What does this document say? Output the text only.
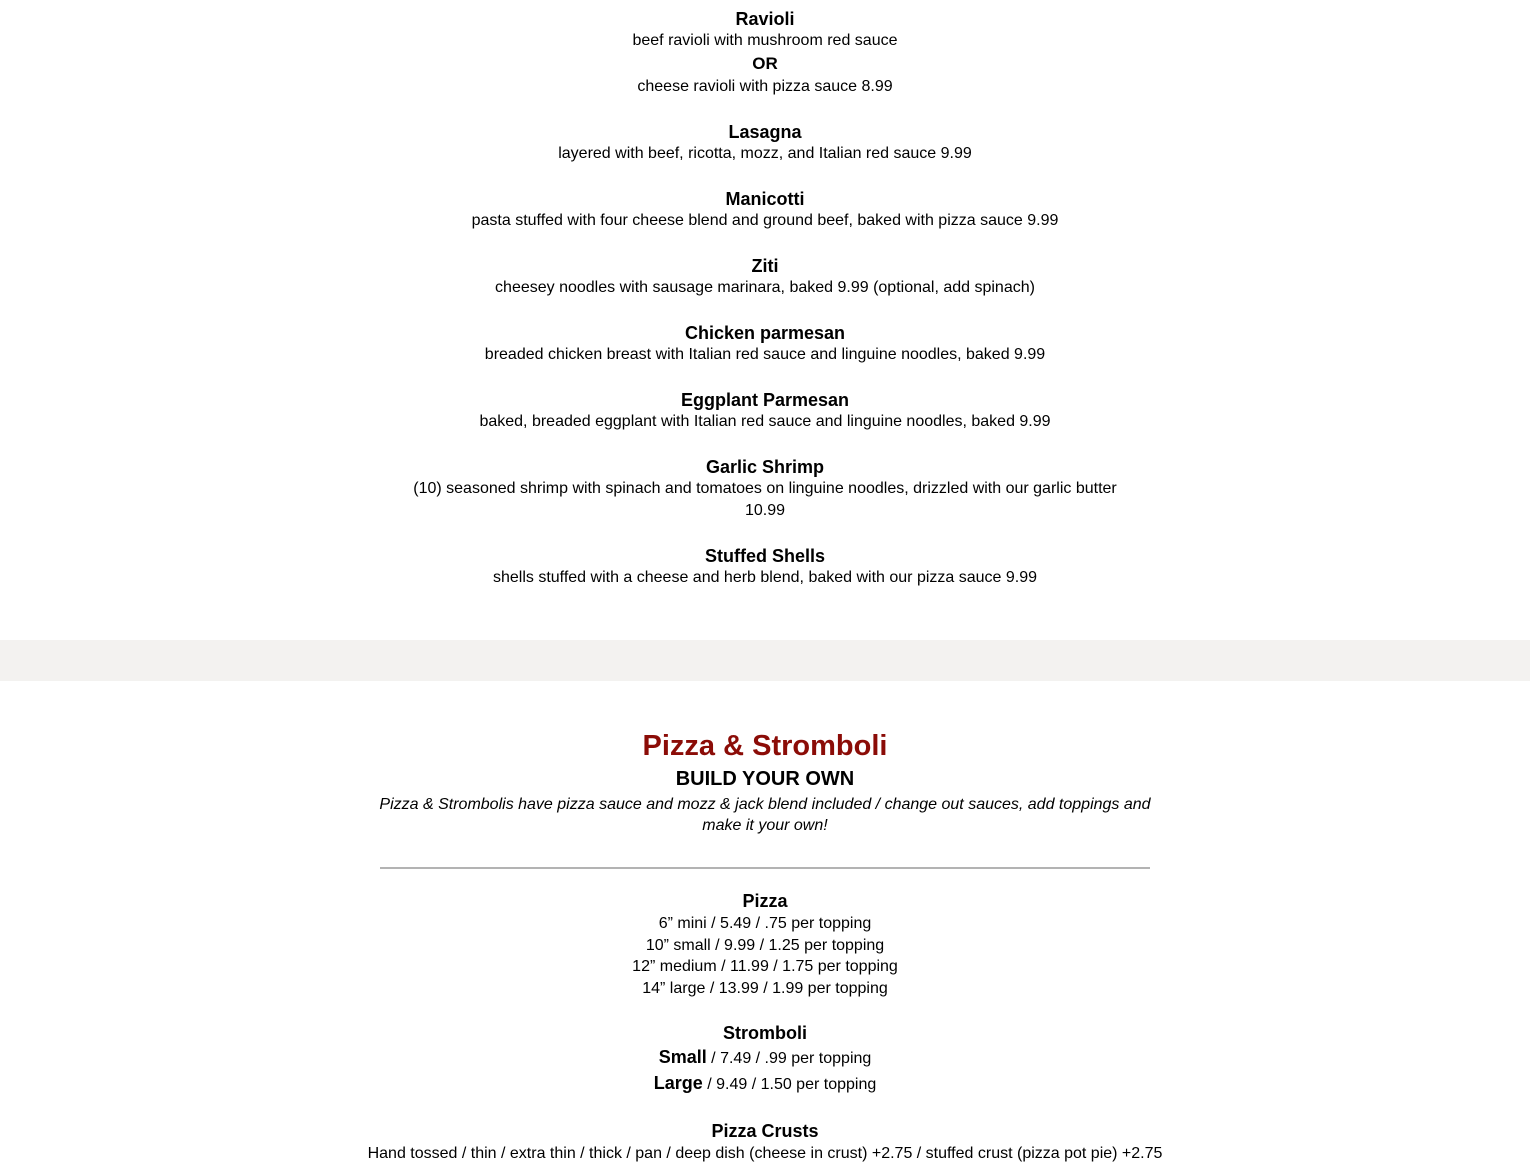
Ravioli
beef ravioli with mushroom red sauce
OR
cheese ravioli with pizza sauce 8.99
Lasagna
layered with beef, ricotta, mozz, and Italian red sauce 9.99
Manicotti
pasta stuffed with four cheese blend and ground beef, baked with pizza sauce 9.99
Ziti
cheesey noodles with sausage marinara, baked 9.99 (optional, add spinach)
Chicken parmesan
breaded chicken breast with Italian red sauce and linguine noodles, baked 9.99
Eggplant Parmesan
baked, breaded eggplant with Italian red sauce and linguine noodles, baked 9.99
Garlic Shrimp
(10) seasoned shrimp with spinach and tomatoes on linguine noodles, drizzled with our garlic butter 10.99
Stuffed Shells
shells stuffed with a cheese and herb blend, baked with our pizza sauce 9.99
Pizza & Stromboli
BUILD YOUR OWN
Pizza & Strombolis have pizza sauce and mozz & jack blend included / change out sauces, add toppings and make it your own!
Pizza
6” mini / 5.49 / .75 per topping
10” small / 9.99 / 1.25 per topping
12” medium / 11.99 / 1.75 per topping
14” large / 13.99 / 1.99 per topping
Stromboli
Small / 7.49 / .99 per topping
Large / 9.49 / 1.50 per topping
Pizza Crusts
Hand tossed / thin / extra thin / thick / pan / deep dish (cheese in crust) +2.75 / stuffed crust (pizza pot pie) +2.75
